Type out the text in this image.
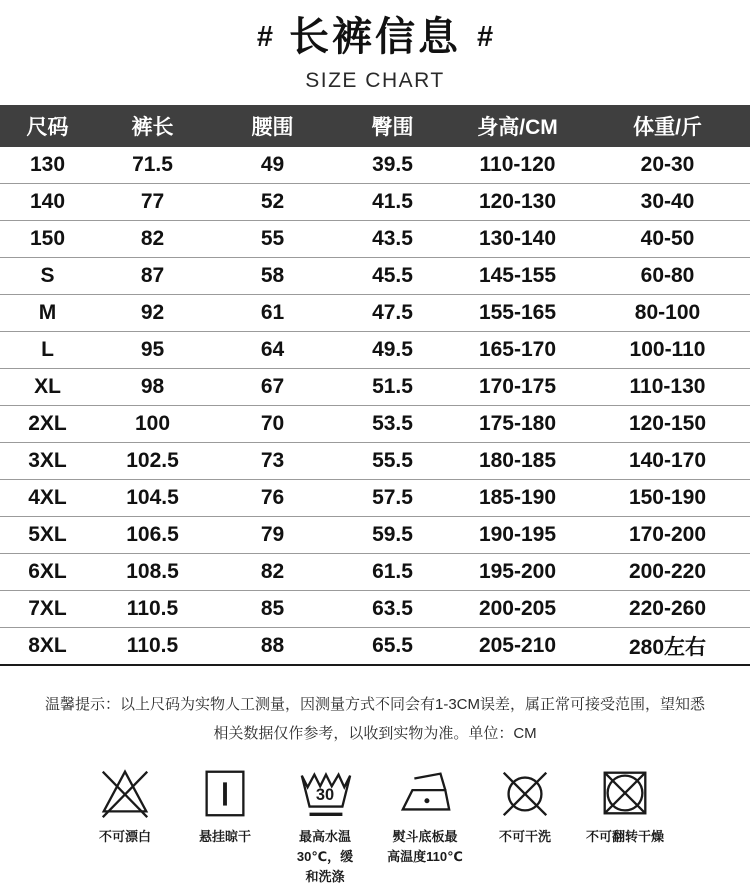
# 长裤信息 #
SIZE CHART
尺码	裤长	腰围	臀围	身高/CM	体重/斤
130	71.5	49	39.5	110-120	20-30
140	77	52	41.5	120-130	30-40
150	82	55	43.5	130-140	40-50
S	87	58	45.5	145-155	60-80
M	92	61	47.5	155-165	80-100
L	95	64	49.5	165-170	100-110
XL	98	67	51.5	170-175	110-130
2XL	100	70	53.5	175-180	120-150
3XL	102.5	73	55.5	180-185	140-170
4XL	104.5	76	57.5	185-190	150-190
5XL	106.5	79	59.5	190-195	170-200
6XL	108.5	82	61.5	195-200	200-220
7XL	110.5	85	63.5	200-205	220-260
8XL	110.5	88	65.5	205-210	280左右

温馨提示：以上尺码为实物人工测量，因测量方式不同会有1-3CM误差，属正常可接受范围，望知悉

相关数据仅作参考，以收到实物为准。单位：CM

不可漂白	悬挂晾干
30
最高水温
30℃，缓
和洗涤
熨斗底板最
高温度110℃
不可干洗	不可翻转干燥
